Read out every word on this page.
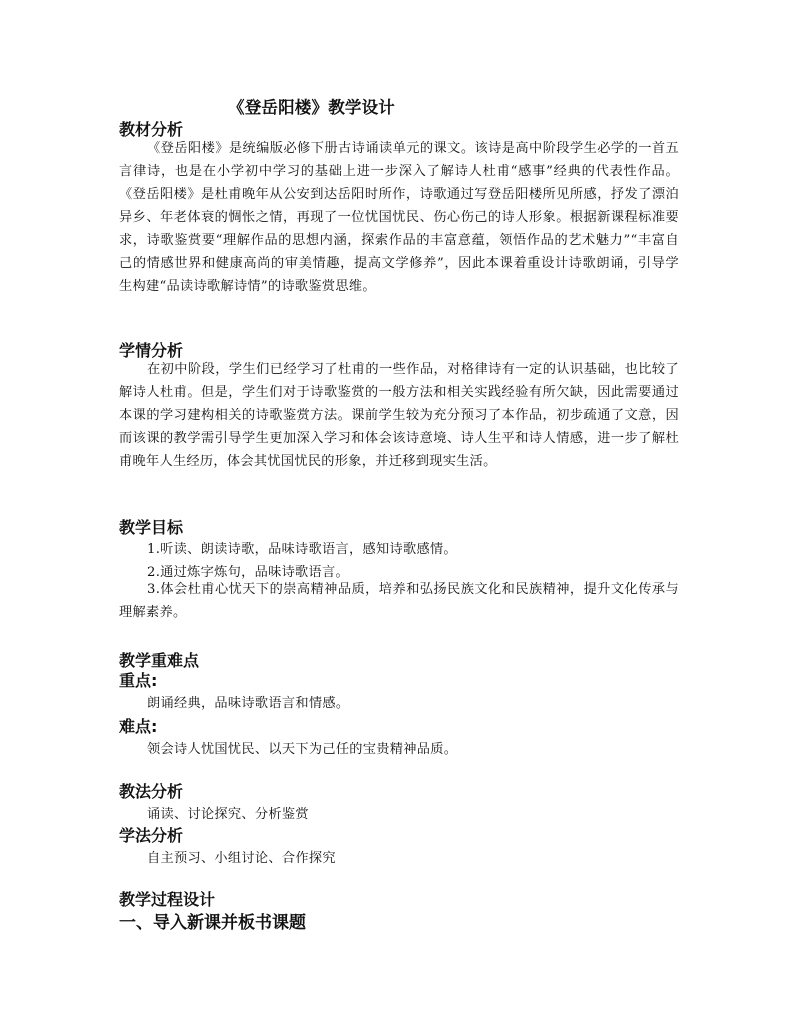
《登岳阳楼》教学设计
教材分析

《登岳阳楼》是统编版必修下册古诗诵读单元的课文。该诗是高中阶段学生必学的一首五言律诗，也是在小学初中学习的基础上进一步深入了解诗人杜甫“感事”经典的代表性作品。《登岳阳楼》是杜甫晚年从公安到达岳阳时所作，诗歌通过写登岳阳楼所见所感，抒发了漂泊异乡、年老体衰的惆怅之情，再现了一位忧国忧民、伤心伤己的诗人形象。根据新课程标准要求，诗歌鉴赏要“理解作品的思想内涵，探索作品的丰富意蕴，领悟作品的艺术魅力”“丰富自己的情感世界和健康高尚的审美情趣，提高文学修养”，因此本课着重设计诗歌朗诵，引导学生构建“品读诗歌解诗情”的诗歌鉴赏思维。

学情分析

在初中阶段，学生们已经学习了杜甫的一些作品，对格律诗有一定的认识基础，也比较了解诗人杜甫。但是，学生们对于诗歌鉴赏的一般方法和相关实践经验有所欠缺，因此需要通过本课的学习建构相关的诗歌鉴赏方法。课前学生较为充分预习了本作品，初步疏通了文意，因而该课的教学需引导学生更加深入学习和体会该诗意境、诗人生平和诗人情感，进一步了解杜甫晚年人生经历，体会其忧国忧民的形象，并迁移到现实生活。

教学目标

1.听读、朗读诗歌，品味诗歌语言，感知诗歌感情。

2.通过炼字炼句，品味诗歌语言。

3.体会杜甫心忧天下的崇高精神品质，培养和弘扬民族文化和民族精神，提升文化传承与理解素养。

教学重难点
重点:

朗诵经典，品味诗歌语言和情感。

难点:

领会诗人忧国忧民、以天下为己任的宝贵精神品质。

教法分析

诵读、讨论探究、分析鉴赏

学法分析

自主预习、小组讨论、合作探究

教学过程设计
一、导入新课并板书课题
